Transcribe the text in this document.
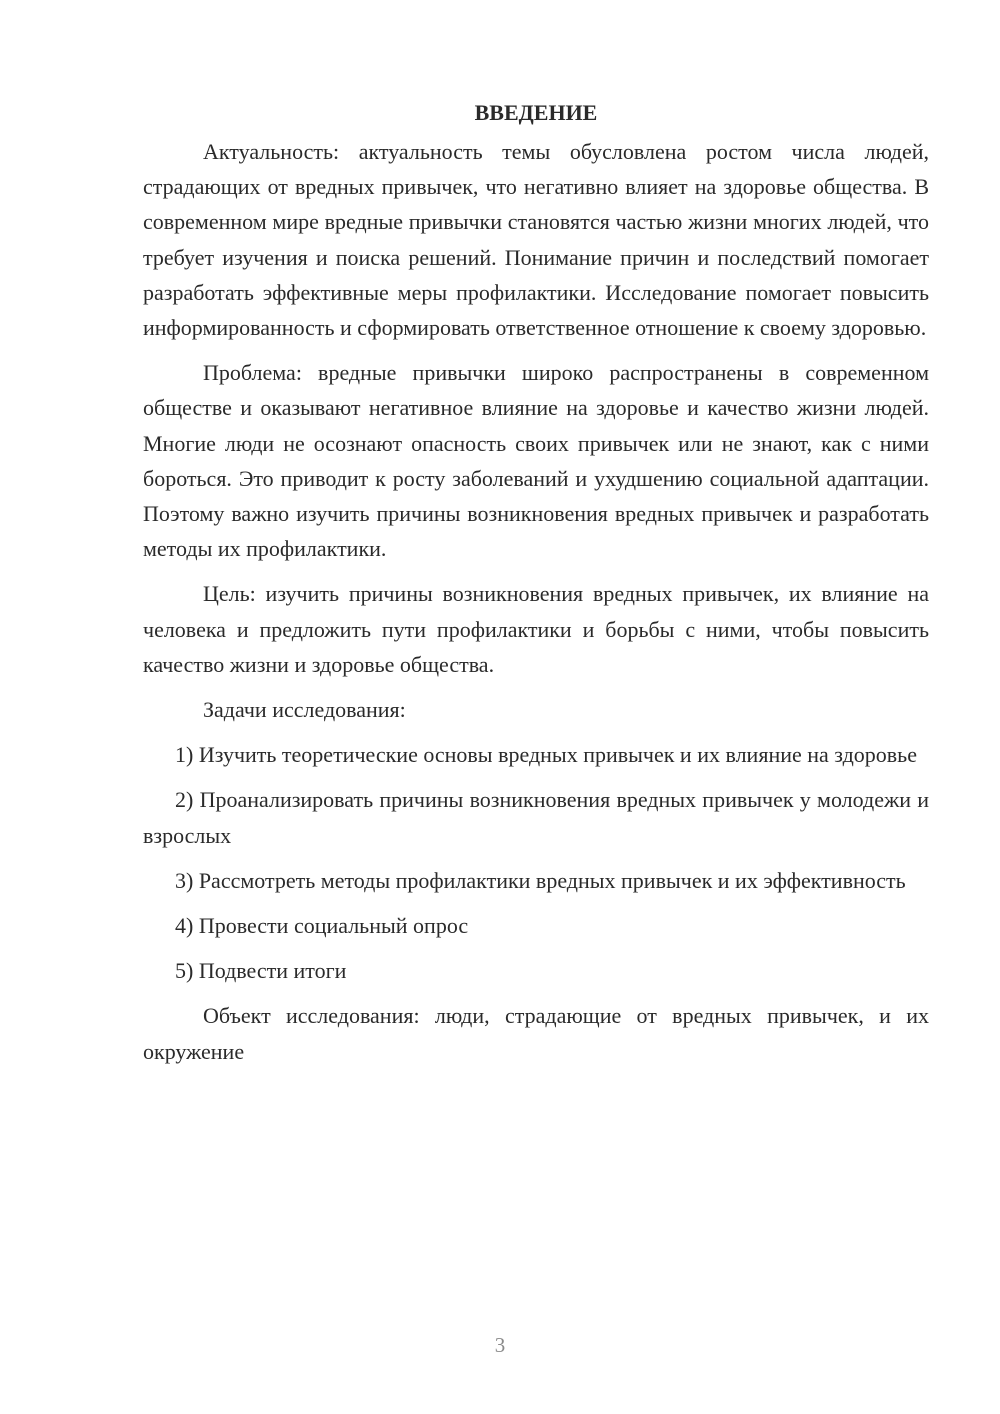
ВВЕДЕНИЕ

Актуальность: актуальность темы обусловлена ростом числа людей, страдающих от вредных привычек, что негативно влияет на здоровье общества. В современном мире вредные привычки становятся частью жизни многих людей, что требует изучения и поиска решений. Понимание причин и последствий помогает разработать эффективные меры профилактики. Исследование помогает повысить информированность и сформировать ответственное отношение к своему здоровью.

Проблема: вредные привычки широко распространены в современном обществе и оказывают негативное влияние на здоровье и качество жизни людей. Многие люди не осознают опасность своих привычек или не знают, как с ними бороться. Это приводит к росту заболеваний и ухудшению социальной адаптации. Поэтому важно изучить причины возникновения вредных привычек и разработать методы их профилактики.

Цель: изучить причины возникновения вредных привычек, их влияние на человека и предложить пути профилактики и борьбы с ними, чтобы повысить качество жизни и здоровье общества.

Задачи исследования:

1) Изучить теоретические основы вредных привычек и их влияние на здоровье

2) Проанализировать причины возникновения вредных привычек у молодежи и взрослых

3) Рассмотреть методы профилактики вредных привычек и их эффективность

4) Провести социальный опрос

5) Подвести итоги

Объект исследования: люди, страдающие от вредных привычек, и их окружение

3
